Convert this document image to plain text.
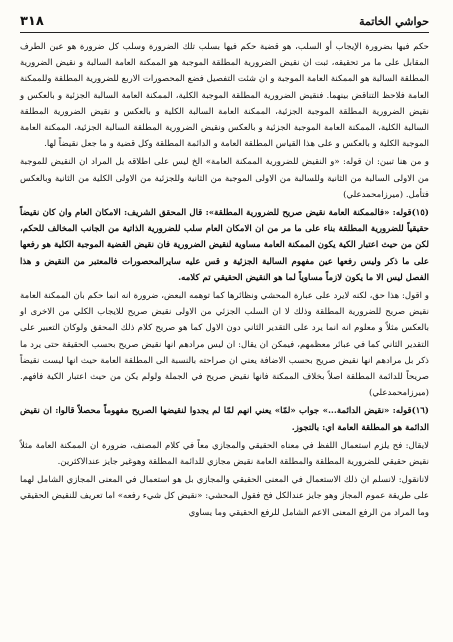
٣١٨	حواشي الخاتمة

حكم فيها بضرورة الإيجاب أو السلب، هو قضية حكم فيها بسلب تلك الضرورة وسلب كل ضرورة هو عين الطرف المقابل على ما مر تحقيقه، ثبت ان نقيض الضرورية المطلقة الموجبة هو الممكنة العامة السالبة و نقيض الضرورية المطلقة السالبة هو الممكنة العامة الموجبة و ان شئت التفصيل فضع المحصورات الاربع للضرورية المطلقة وللممكنة العامة فلاحظ التناقض بينهما. فنقيض الضرورية المطلقة الموجبة الكلية، الممكنة العامة السالبة الجزئية و بالعكس و نقيض الضرورية المطلقة الموجبة الجزئية، الممكنة العامة السالبة الكلية و بالعكس و نقيض الضرورية المطلقة السالبة الكلية، الممكنة العامة الموجبة الجزئية و بالعكس ونقيض الضرورية المطلقة السالبة الجزئية، الممكنة العامة الموجبة الكلية و بالعكس و على هذا القياس المطلقة العامة و الدائمة المطلقة وكل قضية و ما جعل نقيضاً لها.

و من هنا تبين: ان قوله: «و النقيض للضرورية الممكنة العامة» الخ ليس على اطلاقه بل المراد ان النقيض للموجبة من الاولى السالبة من الثانية وللسالبة من الاولى الموجبة من الثانية وللجزئية من الاولى الكلية من الثانية وبالعكس فتأمل. (ميرزامحمدعلي)

(١٥)قوله: «فالممكنة العامة نقيض صريح للضرورية المطلقة»: قال المحقق الشريف: الامكان العام وان كان نقيضاً حقيقياً للضرورية المطلقة بناء على ما مر من ان الامكان العام سلب للضرورية الذاتية من الجانب المخالف للحكم، لكن من حيث اعتبار الكية يكون الممكنة العامة مساوية لنقيض الضرورية فان نقيض القضية الموجبة الكلية هو رفعها على ما ذكر وليس رفعها عين مفهوم السالبة الجزئية و قس عليه سايرالمحصورات فالمعتبر من النقيض و هذا الفصل ليس الا ما يكون لازماً مساوياً لما هو النقيض الحقيقي تم كلامه.

و اقول: هذا حق، لكنه لايرد على عبارة المحشي ونظائرها كما توهمه البعض، ضرورة انه انما حكم بان الممكنة العامة نقيض صريح للضرورية المطلقة وذلك لا ان السلب الجزئي من الاولى نقيض صريح للايجاب الكلي من الاخرى او بالعكس مثلاً و معلوم انه انما يرد على التقدير الثاني دون الاول كما هو صريح كلام ذلك المحقق ولوكان التعبير على التقدير الثاني كما في عبائر معظمهم، فيمكن ان يقال: ان ليس مرادهم انها نقيض صريح بحسب الحقيقة حتى يرد ما ذكر بل مرادهم انها نقيض صريح بحسب الاضافة يعني ان صراحته بالنسبة الى المطلقة العامة حيث انها ليست نقيضاً صريحاً للدائمة المطلقة اصلاً بخلاف الممكنة فانها نقيض صريح في الجملة ولولم يكن من حيث اعتبار الكية فافهم. (ميرزامحمدعلي)

(١٦)قوله: «نقيض الدائمة...» جواب «لمّا» يعني انهم لمّا لم يجدوا لنقيضها الصريح مفهوماً محصلاً قالوا: ان نقيض الدائمة هو المطلقة العامة اي: بالتجوز.

لايقال: فح يلزم استعمال اللفظ في معناه الحقيقي والمجازي معاً في كلام المصنف، ضرورة ان الممكنة العامة مثلاً نقيض حقيقي للضرورية المطلقة والمطلقة العامة نقيض مجازي للدائمة المطلقة وهوغير جايز عندالاكثرين.

لانانقول: لانسلم ان ذلك الاستعمال في المعنى الحقيقي والمجازي بل هو استعمال في المعنى المجازي الشامل لهما على طريقة عموم المجاز وهو جايز عندالكل فح فقول المحشي: «نقيض كل شيء رفعه» اما تعريف للنقيض الحقيقي وما المراد من الرفع المعنى الاعم الشامل للرفع الحقيقي وما يساوي
